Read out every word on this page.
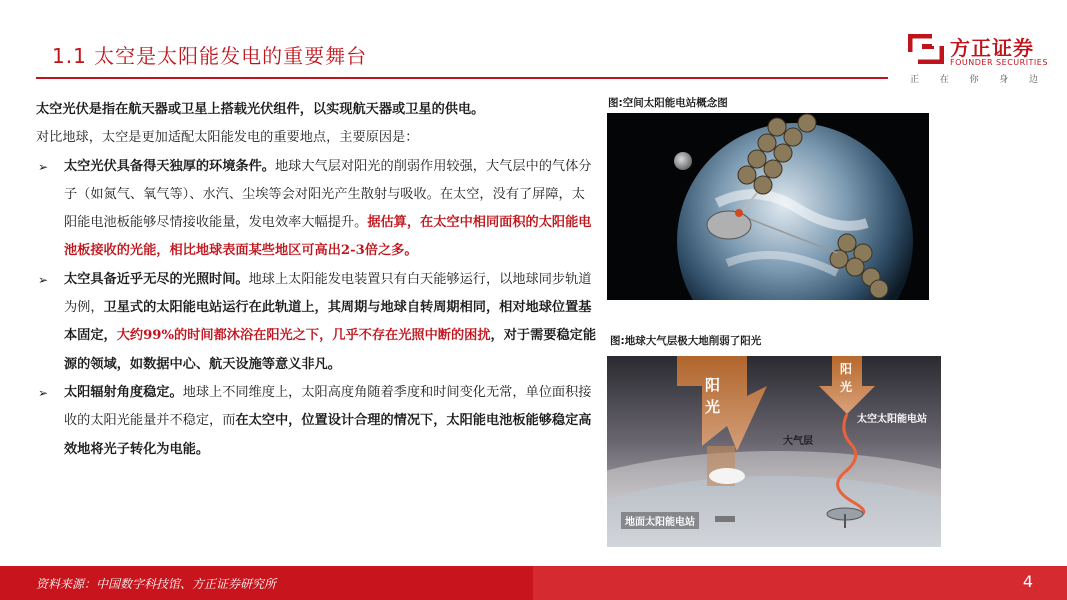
1.1 太空是太阳能发电的重要舞台	方正证券
FOUNDER SECURITIES
正 在 你 身 边
太空光伏是指在航天器或卫星上搭载光伏组件，以实现航天器或卫星的供电。
对比地球，太空是更加适配太阳能发电的重要地点，主要原因是：
➢ 太空光伏具备得天独厚的环境条件。地球大气层对阳光的削弱作用较强，大气层中的气体分子（如氮气、氧气等）、水汽、尘埃等会对阳光产生散射与吸收。在太空，没有了屏障，太阳能电池板能够尽情接收能量，发电效率大幅提升。据估算，在太空中相同面积的太阳能电池板接收的光能，相比地球表面某些地区可高出2-3倍之多。
➢ 太空具备近乎无尽的光照时间。地球上太阳能发电装置只有白天能够运行，以地球同步轨道为例，卫星式的太阳能电站运行在此轨道上，其周期与地球自转周期相同，相对地球位置基本固定，大约99%的时间都沐浴在阳光之下，几乎不存在光照中断的困扰，对于需要稳定能源的领域，如数据中心、航天设施等意义非凡。
➢ 太阳辐射角度稳定。地球上不同维度上，太阳高度角随着季度和时间变化无常，单位面积接收的太阳光能量并不稳定，而在太空中，位置设计合理的情况下，太阳能电池板能够稳定高效地将光子转化为电能。
图:空间太阳能电站概念图
图:地球大气层极大地削弱了阳光
阳光
阳光
太空太阳能电站
大气层
地面太阳能电站
资料来源：中国数字科技馆、方正证券研究所	4
